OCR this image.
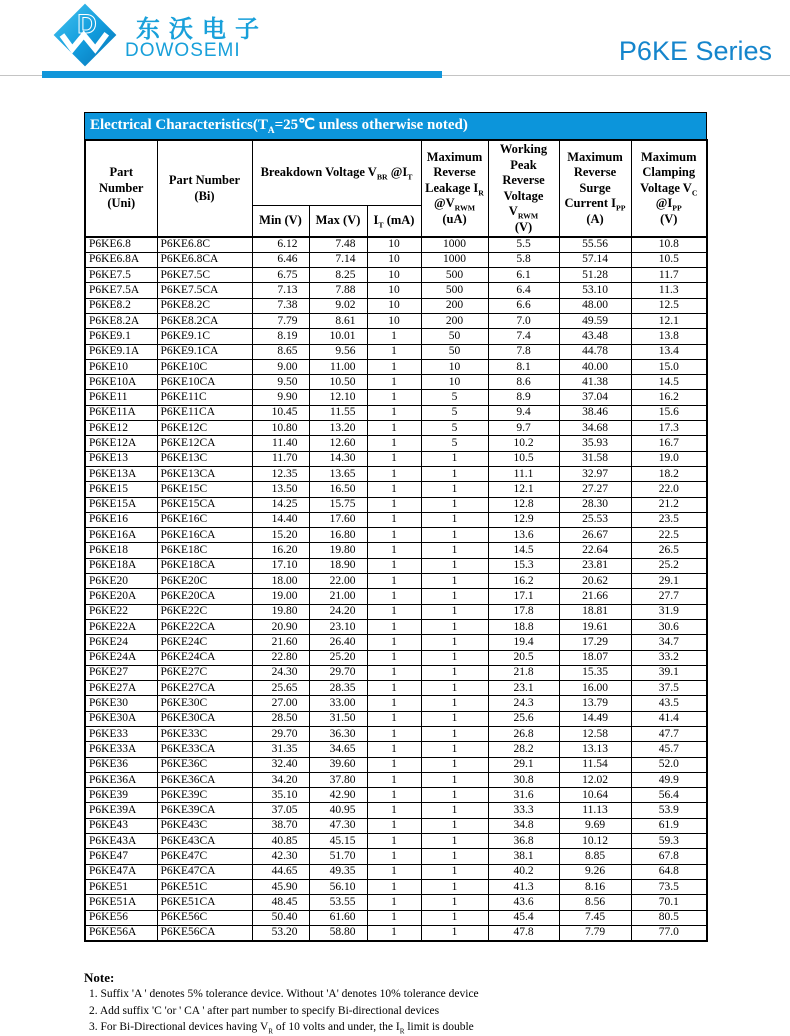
D 东沃电子
DOWOSEMI	P6KE Series
Electrical $Characteristics(T_A=25℃$ unless otherwise noted)
Part Number
(Uni)	Part Number
(Bi)	Breakdown Voltage $V_{BR}$ $@I_T$			Maximum
Reverse
Leakage $I_R$
$@V_{RWM}$
(uA)	Working
Peak Reverse
Voltage
$V_{RWM}$
(V)	Maximum
Reverse
Surge
Current $I_{PP}$
(A)	Maximum
Clamping
Voltage $V_C$
$@I_{PP}$
(V)
		Min (V)	Max (V)	$I_T$ (mA)				
P6KE6.8	P6KE6.8C	6.12	7.48	10	1000	5.5	55.56	10.8
P6KE6.8A	P6KE6.8CA	6.46	7.14	10	1000	5.8	57.14	10.5
P6KE7.5	P6KE7.5C	6.75	8.25	10	500	6.1	51.28	11.7
P6KE7.5A	P6KE7.5CA	7.13	7.88	10	500	6.4	53.10	11.3
P6KE8.2	P6KE8.2C	7.38	9.02	10	200	6.6	48.00	12.5
P6KE8.2A	P6KE8.2CA	7.79	8.61	10	200	7.0	49.59	12.1
P6KE9.1	P6KE9.1C	8.19	10.01	1	50	7.4	43.48	13.8
P6KE9.1A	P6KE9.1CA	8.65	9.56	1	50	7.8	44.78	13.4
P6KE10	P6KE10C	9.00	11.00	1	10	8.1	40.00	15.0
P6KE10A	P6KE10CA	9.50	10.50	1	10	8.6	41.38	14.5
P6KE11	P6KE11C	9.90	12.10	1	5	8.9	37.04	16.2
P6KE11A	P6KE11CA	10.45	11.55	1	5	9.4	38.46	15.6
P6KE12	P6KE12C	10.80	13.20	1	5	9.7	34.68	17.3
P6KE12A	P6KE12CA	11.40	12.60	1	5	10.2	35.93	16.7
P6KE13	P6KE13C	11.70	14.30	1	1	10.5	31.58	19.0
P6KE13A	P6KE13CA	12.35	13.65	1	1	11.1	32.97	18.2
P6KE15	P6KE15C	13.50	16.50	1	1	12.1	27.27	22.0
P6KE15A	P6KE15CA	14.25	15.75	1	1	12.8	28.30	21.2
P6KE16	P6KE16C	14.40	17.60	1	1	12.9	25.53	23.5
P6KE16A	P6KE16CA	15.20	16.80	1	1	13.6	26.67	22.5
P6KE18	P6KE18C	16.20	19.80	1	1	14.5	22.64	26.5
P6KE18A	P6KE18CA	17.10	18.90	1	1	15.3	23.81	25.2
P6KE20	P6KE20C	18.00	22.00	1	1	16.2	20.62	29.1
P6KE20A	P6KE20CA	19.00	21.00	1	1	17.1	21.66	27.7
P6KE22	P6KE22C	19.80	24.20	1	1	17.8	18.81	31.9
P6KE22A	P6KE22CA	20.90	23.10	1	1	18.8	19.61	30.6
P6KE24	P6KE24C	21.60	26.40	1	1	19.4	17.29	34.7
P6KE24A	P6KE24CA	22.80	25.20	1	1	20.5	18.07	33.2
P6KE27	P6KE27C	24.30	29.70	1	1	21.8	15.35	39.1
P6KE27A	P6KE27CA	25.65	28.35	1	1	23.1	16.00	37.5
P6KE30	P6KE30C	27.00	33.00	1	1	24.3	13.79	43.5
P6KE30A	P6KE30CA	28.50	31.50	1	1	25.6	14.49	41.4
P6KE33	P6KE33C	29.70	36.30	1	1	26.8	12.58	47.7
P6KE33A	P6KE33CA	31.35	34.65	1	1	28.2	13.13	45.7
P6KE36	P6KE36C	32.40	39.60	1	1	29.1	11.54	52.0
P6KE36A	P6KE36CA	34.20	37.80	1	1	30.8	12.02	49.9
P6KE39	P6KE39C	35.10	42.90	1	1	31.6	10.64	56.4
P6KE39A	P6KE39CA	37.05	40.95	1	1	33.3	11.13	53.9
P6KE43	P6KE43C	38.70	47.30	1	1	34.8	9.69	61.9
P6KE43A	P6KE43CA	40.85	45.15	1	1	36.8	10.12	59.3
P6KE47	P6KE47C	42.30	51.70	1	1	38.1	8.85	67.8
P6KE47A	P6KE47CA	44.65	49.35	1	1	40.2	9.26	64.8
P6KE51	P6KE51C	45.90	56.10	1	1	41.3	8.16	73.5
P6KE51A	P6KE51CA	48.45	53.55	1	1	43.6	8.56	70.1
P6KE56	P6KE56C	50.40	61.60	1	1	45.4	7.45	80.5
P6KE56A	P6KE56CA	53.20	58.80	1	1	47.8	7.79	77.0
Note:
1. Suffix 'A ' denotes 5% tolerance device. Without 'A' denotes 10% tolerance device
2. Add suffix 'C 'or ' CA ' after part number to specify Bi-directional devices
3. For Bi-Directional devices having $V_R$ of 10 volts and under, the $I_R$ limit is double
